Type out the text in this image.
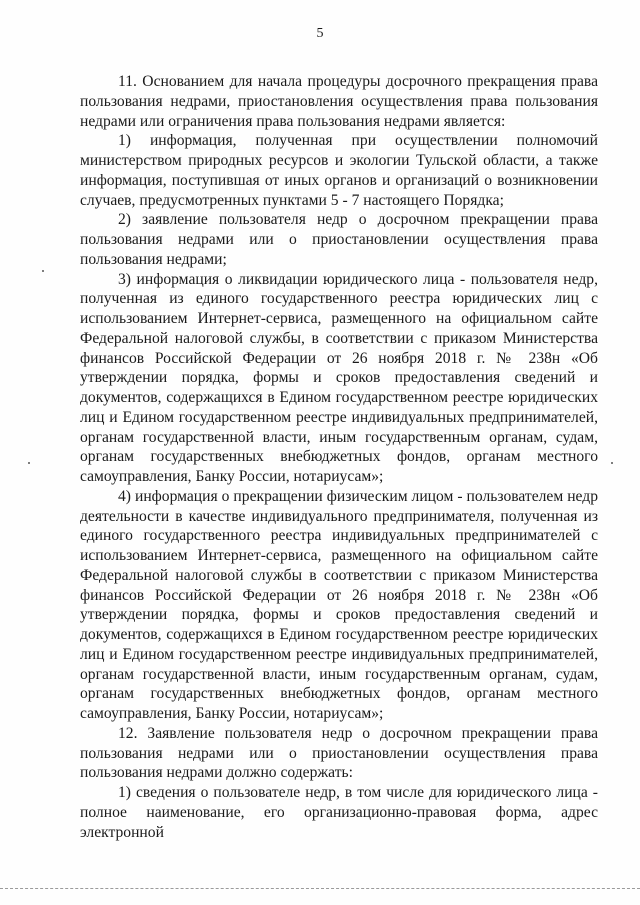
5

11. Основанием для начала процедуры досрочного прекращения права пользования недрами, приостановления осуществления права пользования недрами или ограничения права пользования недрами является:

1) информация, полученная при осуществлении полномочий министерством природных ресурсов и экологии Тульской области, а также информация, поступившая от иных органов и организаций о возникновении случаев, предусмотренных пунктами 5 - 7 настоящего Порядка;

2) заявление пользователя недр о досрочном прекращении права пользования недрами или о приостановлении осуществления права пользования недрами;

3) информация о ликвидации юридического лица - пользователя недр, полученная из единого государственного реестра юридических лиц с использованием Интернет-сервиса, размещенного на официальном сайте Федеральной налоговой службы, в соответствии с приказом Министерства финансов Российской Федерации от 26 ноября 2018 г. № 238н «Об утверждении порядка, формы и сроков предоставления сведений и документов, содержащихся в Едином государственном реестре юридических лиц и Едином государственном реестре индивидуальных предпринимателей, органам государственной власти, иным государственным органам, судам, органам государственных внебюджетных фондов, органам местного самоуправления, Банку России, нотариусам»;

4) информация о прекращении физическим лицом - пользователем недр деятельности в качестве индивидуального предпринимателя, полученная из единого государственного реестра индивидуальных предпринимателей с использованием Интернет-сервиса, размещенного на официальном сайте Федеральной налоговой службы в соответствии с приказом Министерства финансов Российской Федерации от 26 ноября 2018 г. № 238н «Об утверждении порядка, формы и сроков предоставления сведений и документов, содержащихся в Едином государственном реестре юридических лиц и Едином государственном реестре индивидуальных предпринимателей, органам государственной власти, иным государственным органам, судам, органам государственных внебюджетных фондов, органам местного самоуправления, Банку России, нотариусам»;

12. Заявление пользователя недр о досрочном прекращении права пользования недрами или о приостановлении осуществления права пользования недрами должно содержать:

1) сведения о пользователе недр, в том числе для юридического лица - полное наименование, его организационно-правовая форма, адрес электронной
